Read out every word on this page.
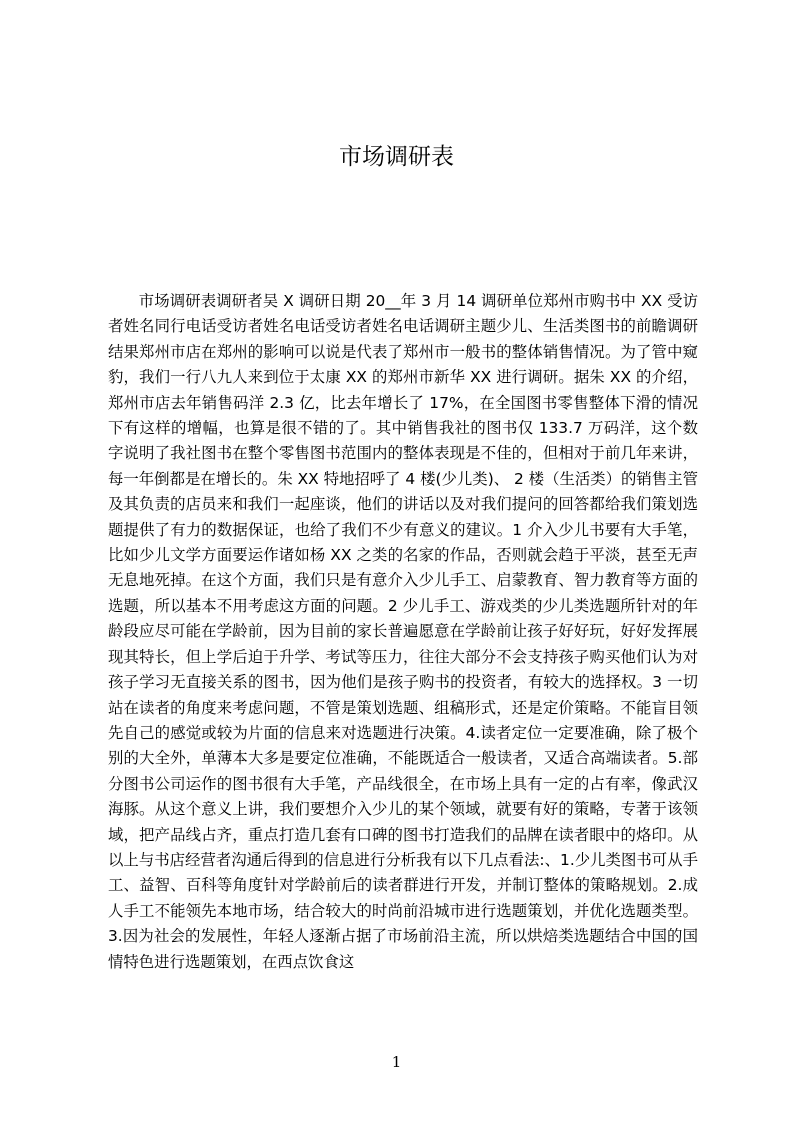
市场调研表

市场调研表调研者吴 X 调研日期 20__年 3 月 14 调研单位郑州市购书中 XX 受访者姓名同行电话受访者姓名电话受访者姓名电话调研主题少儿、生活类图书的前瞻调研结果郑州市店在郑州的影响可以说是代表了郑州市一般书的整体销售情况。为了管中窥豹，我们一行八九人来到位于太康 XX 的郑州市新华 XX 进行调研。据朱 XX 的介绍，郑州市店去年销售码洋 2.3 亿，比去年增长了 17%，在全国图书零售整体下滑的情况下有这样的增幅，也算是很不错的了。其中销售我社的图书仅 133.7 万码洋，这个数字说明了我社图书在整个零售图书范围内的整体表现是不佳的，但相对于前几年来讲，每一年倒都是在增长的。朱 XX 特地招呼了 4 楼(少儿类)、 2 楼（生活类）的销售主管及其负责的店员来和我们一起座谈，他们的讲话以及对我们提问的回答都给我们策划选题提供了有力的数据保证，也给了我们不少有意义的建议。1 介入少儿书要有大手笔，比如少儿文学方面要运作诸如杨 XX 之类的名家的作品，否则就会趋于平淡，甚至无声无息地死掉。在这个方面，我们只是有意介入少儿手工、启蒙教育、智力教育等方面的选题，所以基本不用考虑这方面的问题。2 少儿手工、游戏类的少儿类选题所针对的年龄段应尽可能在学龄前，因为目前的家长普遍愿意在学龄前让孩子好好玩，好好发挥展现其特长，但上学后迫于升学、考试等压力，往往大部分不会支持孩子购买他们认为对孩子学习无直接关系的图书，因为他们是孩子购书的投资者，有较大的选择权。3 一切站在读者的角度来考虑问题，不管是策划选题、组稿形式，还是定价策略。不能盲目领先自己的感觉或较为片面的信息来对选题进行决策。4.读者定位一定要准确，除了极个别的大全外，单薄本大多是要定位准确，不能既适合一般读者，又适合高端读者。5.部分图书公司运作的图书很有大手笔，产品线很全，在市场上具有一定的占有率，像武汉海豚。从这个意义上讲，我们要想介入少儿的某个领域，就要有好的策略，专著于该领域，把产品线占齐，重点打造几套有口碑的图书打造我们的品牌在读者眼中的烙印。从以上与书店经营者沟通后得到的信息进行分析我有以下几点看法:、1.少儿类图书可从手工、益智、百科等角度针对学龄前后的读者群进行开发，并制订整体的策略规划。2.成人手工不能领先本地市场，结合较大的时尚前沿城市进行选题策划，并优化选题类型。3.因为社会的发展性，年轻人逐渐占据了市场前沿主流，所以烘焙类选题结合中国的国情特色进行选题策划，在西点饮食这

1
